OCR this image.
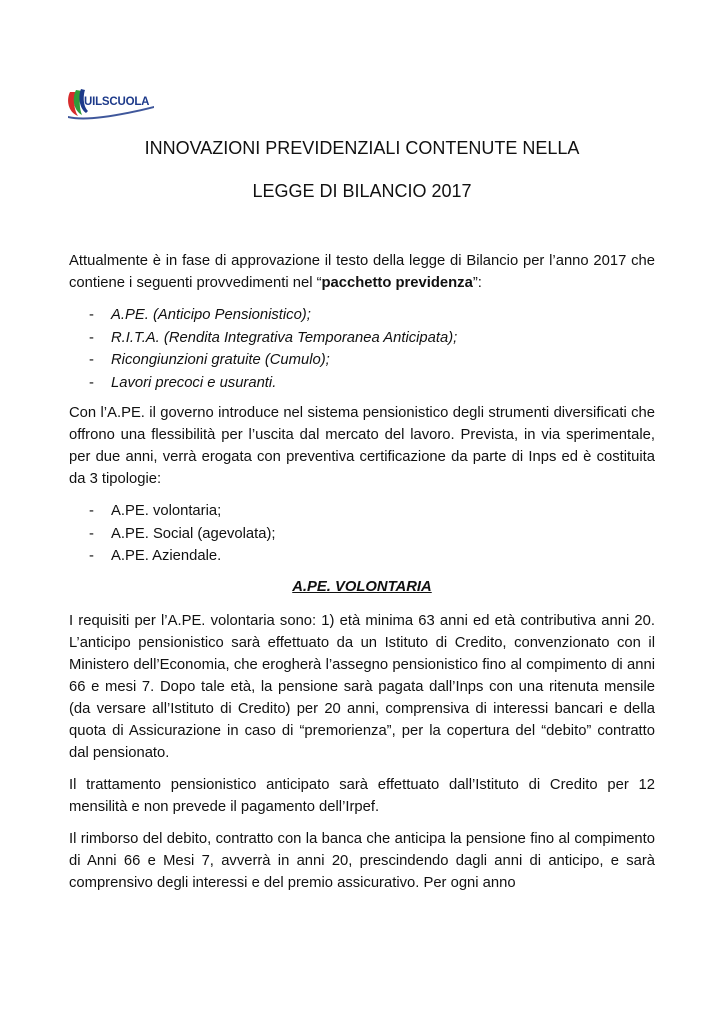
UILSCUOLA
INNOVAZIONI PREVIDENZIALI CONTENUTE NELLA
LEGGE DI BILANCIO 2017

Attualmente è in fase di approvazione il testo della legge di Bilancio per l’anno 2017 che contiene i seguenti provvedimenti nel “pacchetto previdenza”:

- A.PE. (Anticipo Pensionistico);
- R.I.T.A. (Rendita Integrativa Temporanea Anticipata);
- Ricongiunzioni gratuite (Cumulo);
- Lavori precoci e usuranti.

Con l’A.PE. il governo introduce nel sistema pensionistico degli strumenti diversificati che offrono una flessibilità per l’uscita dal mercato del lavoro. Prevista, in via sperimentale, per due anni, verrà erogata con preventiva certificazione da parte di Inps ed è costituita da 3 tipologie:

- A.PE. volontaria;
- A.PE. Social (agevolata);
- A.PE. Aziendale.
A.PE. VOLONTARIA

I requisiti per l’A.PE. volontaria sono: 1) età minima 63 anni ed età contributiva anni 20. L’anticipo pensionistico sarà effettuato da un Istituto di Credito, convenzionato con il Ministero dell’Economia, che erogherà l’assegno pensionistico fino al compimento di anni 66 e mesi 7. Dopo tale età, la pensione sarà pagata dall’Inps con una ritenuta mensile (da versare all’Istituto di Credito) per 20 anni, comprensiva di interessi bancari e della quota di Assicurazione in caso di “premorienza”, per la copertura del “debito” contratto dal pensionato.

Il trattamento pensionistico anticipato sarà effettuato dall’Istituto di Credito per 12 mensilità e non prevede il pagamento dell’Irpef.

Il rimborso del debito, contratto con la banca che anticipa la pensione fino al compimento di Anni 66 e Mesi 7, avverrà in anni 20, prescindendo dagli anni di anticipo, e sarà comprensivo degli interessi e del premio assicurativo. Per ogni anno
